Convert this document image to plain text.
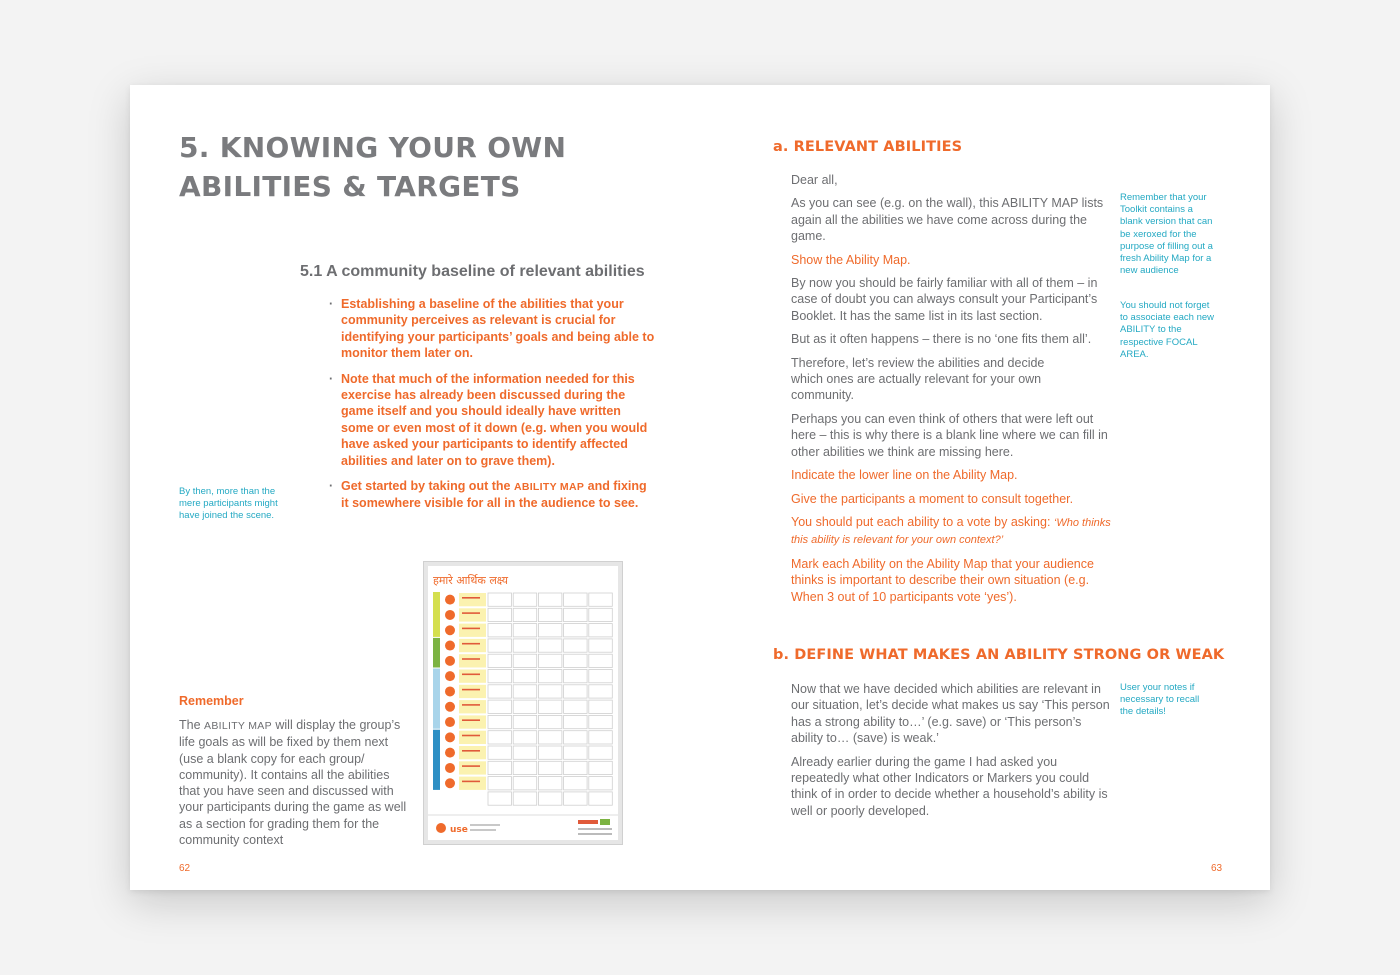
5. KNOWING YOUR OWN
ABILITIES & TARGETS
5.1 A community baseline of relevant abilities
· Establishing a baseline of the abilities that your community perceives as relevant is crucial for identifying your participants’ goals and being able to monitor them later on.
· Note that much of the information needed for this exercise has already been discussed during the game itself and you should ideally have written some or even most of it down (e.g. when you would have asked your participants to identify affected abilities and later on to grave them).
· Get started by taking out the ABILITY MAP and fixing it somewhere visible for all in the audience to see.
By then, more than the mere participants might have joined the scene.
Remember
The ABILITY MAP will display the group’s life goals as will be fixed by them next (use a blank copy for each group/ community). It contains all the abilities that you have seen and discussed with your participants during the game as well as a section for grading them for the community context
हमारे आर्थिक लक्ष्य
use
62
a. RELEVANT ABILITIES

Dear all,

As you can see (e.g. on the wall), this ABILITY MAP lists again all the abilities we have come across during the game.

Show the Ability Map.

By now you should be fairly familiar with all of them – in case of doubt you can always consult your Participant’s Booklet. It has the same list in its last section.

But as it often happens – there is no ‘one fits them all’.

Therefore, let’s review the abilities and decide which ones are actually relevant for your own community.

Perhaps you can even think of others that were left out here – this is why there is a blank line where we can fill in other abilities we think are missing here.

Indicate the lower line on the Ability Map.

Give the participants a moment to consult together.

You should put each ability to a vote by asking: ‘Who thinks this ability is relevant for your own context?’

Mark each Ability on the Ability Map that your audience thinks is important to describe their own situation (e.g. When 3 out of 10 participants vote ‘yes’).

b. DEFINE WHAT MAKES AN ABILITY STRONG OR WEAK

Now that we have decided which abilities are relevant in our situation, let’s decide what makes us say ‘This person has a strong ability to…’ (e.g. save) or ‘This person’s ability to… (save) is weak.’

Already earlier during the game I had asked you repeatedly what other Indicators or Markers you could think of in order to decide whether a household’s ability is well or poorly developed.

Remember that your Toolkit contains a blank version that can be xeroxed for the purpose of filling out a fresh Ability Map for a new audience
You should not forget to associate each new ABILITY to the respective FOCAL AREA.
User your notes if necessary to recall the details!
63
